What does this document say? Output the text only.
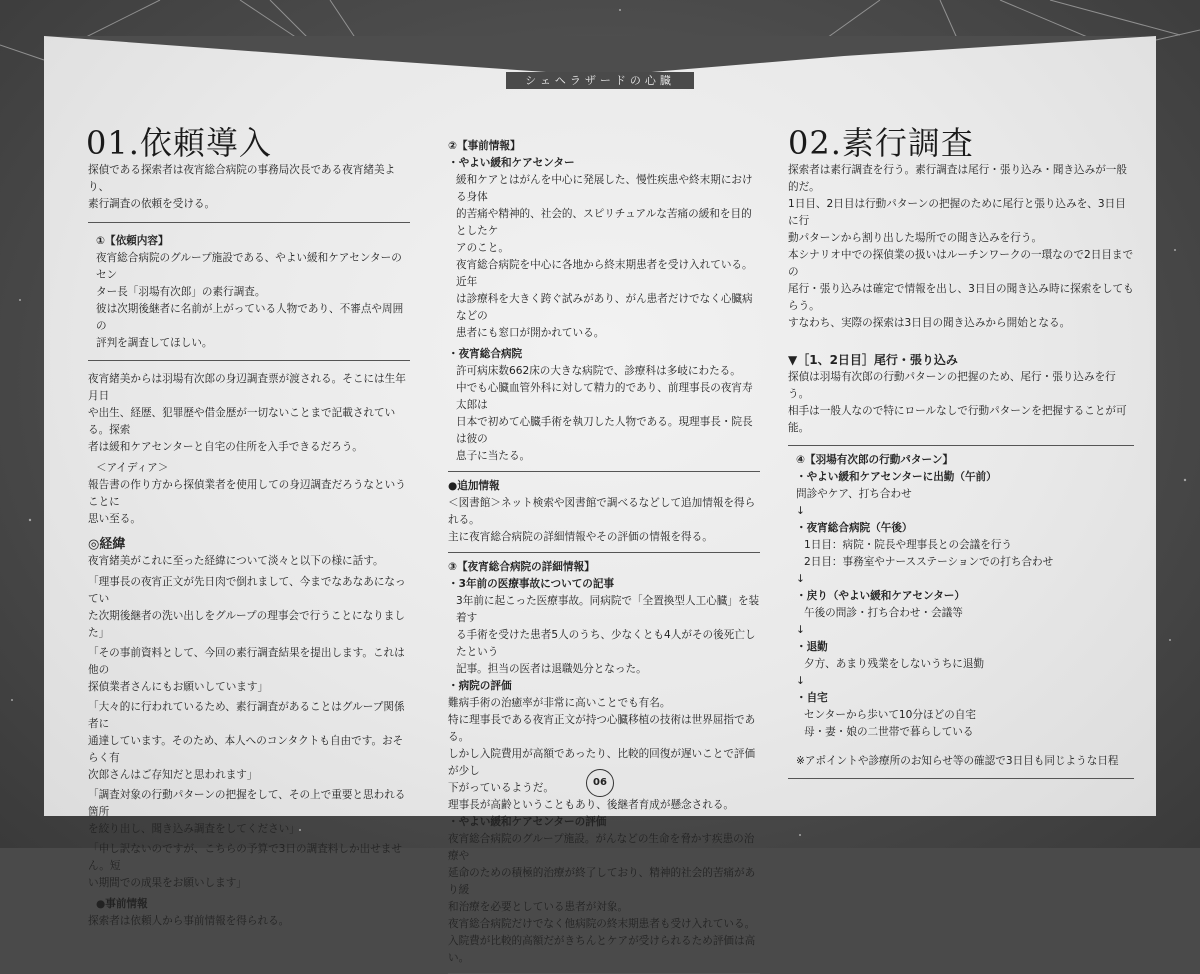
シェヘラザードの心臓
01.依頼導入

探偵である探索者は夜宵総合病院の事務局次長である夜宵緒美より、

素行調査の依頼を受ける。

①【依頼内容】

夜宵総合病院のグループ施設である、やよい緩和ケアセンターのセン

ター長「羽場有次郎」の素行調査。

彼は次期後継者に名前が上がっている人物であり、不審点や周囲の

評判を調査してほしい。

夜宵緒美からは羽場有次郎の身辺調査票が渡される。そこには生年月日

や出生、経歴、犯罪歴や借金歴が一切ないことまで記載されている。探索

者は緩和ケアセンターと自宅の住所を入手できるだろう。

＜アイディア＞

報告書の作り方から探偵業者を使用しての身辺調査だろうなということに

思い至る。

◎経緯

夜宵緒美がこれに至った経緯について淡々と以下の様に話す。

「理事長の夜宵正文が先日肉で倒れまして、今までなあなあになってい

た次期後継者の洗い出しをグループの理事会で行うことになりました」

「その事前資料として、今回の素行調査結果を提出します。これは他の

探偵業者さんにもお願いしています」

「大々的に行われているため、素行調査があることはグループ関係者に

通達しています。そのため、本人へのコンタクトも自由です。おそらく有

次郎さんはご存知だと思われます」

「調査対象の行動パターンの把握をして、その上で重要と思われる箇所

を絞り出し、聞き込み調査をしてください」

「申し訳ないのですが、こちらの予算で3日の調査料しか出せません。短

い期間での成果をお願いします」

●事前情報

探索者は依頼人から事前情報を得られる。

②【事前情報】

・やよい緩和ケアセンター

緩和ケアとはがんを中心に発展した、慢性疾患や終末期における身体

的苦痛や精神的、社会的、スピリチュアルな苦痛の緩和を目的としたケ

アのこと。

夜宵総合病院を中心に各地から終末期患者を受け入れている。近年

は診療科を大きく跨ぐ試みがあり、がん患者だけでなく心臓病などの

患者にも窓口が開かれている。

・夜宵総合病院

許可病床数662床の大きな病院で、診療科は多岐にわたる。

中でも心臓血管外科に対して精力的であり、前理事長の夜宵寿太郎は

日本で初めて心臓手術を執刀した人物である。現理事長・院長は彼の

息子に当たる。

●追加情報

＜図書館＞ネット検索や図書館で調べるなどして追加情報を得られる。

主に夜宵総合病院の詳細情報やその評価の情報を得る。

③【夜宵総合病院の詳細情報】

・3年前の医療事故についての記事

3年前に起こった医療事故。同病院で「全置換型人工心臓」を装着す

る手術を受けた患者5人のうち、少なくとも4人がその後死亡したという

記事。担当の医者は退職処分となった。

・病院の評価

難病手術の治癒率が非常に高いことでも有名。

特に理事長である夜宵正文が持つ心臓移植の技術は世界屈指である。

しかし入院費用が高額であったり、比較的回復が遅いことで評価が少し

下がっているようだ。

理事長が高齢ということもあり、後継者育成が懸念される。

・やよい緩和ケアセンターの評価

夜宵総合病院のグループ施設。がんなどの生命を脅かす疾患の治療や

延命のための積極的治療が終了しており、精神的社会的苦痛があり緩

和治療を必要としている患者が対象。

夜宵総合病院だけでなく他病院の終末期患者も受け入れている。

入院費が比較的高額だがきちんとケアが受けられるため評価は高い。

02.素行調査

探索者は素行調査を行う。素行調査は尾行・張り込み・聞き込みが一般的だ。

1日目、2日目は行動パターンの把握のために尾行と張り込みを、3日目に行

動パターンから割り出した場所での聞き込みを行う。

本シナリオ中での探偵業の扱いはルーチンワークの一環なので2日目までの

尾行・張り込みは確定で情報を出し、3日目の聞き込み時に探索をしてもらう。

すなわち、実際の探索は3日目の聞き込みから開始となる。

▼［1、2日目］尾行・張り込み

探偵は羽場有次郎の行動パターンの把握のため、尾行・張り込みを行う。

相手は一般人なので特にロールなしで行動パターンを把握することが可能。

④【羽場有次郎の行動パターン】

・やよい緩和ケアセンターに出勤（午前）

問診やケア、打ち合わせ

↓

・夜宵総合病院（午後）

1日目：病院・院長や理事長との会議を行う

2日目：事務室やナースステーションでの打ち合わせ

↓

・戻り（やよい緩和ケアセンター）

午後の問診・打ち合わせ・会議等

↓

・退勤

夕方、あまり残業をしないうちに退勤

↓

・自宅

センターから歩いて10分ほどの自宅

母・妻・娘の二世帯で暮らしている

※アポイントや診療所のお知らせ等の確認で3日目も同じような日程

06
